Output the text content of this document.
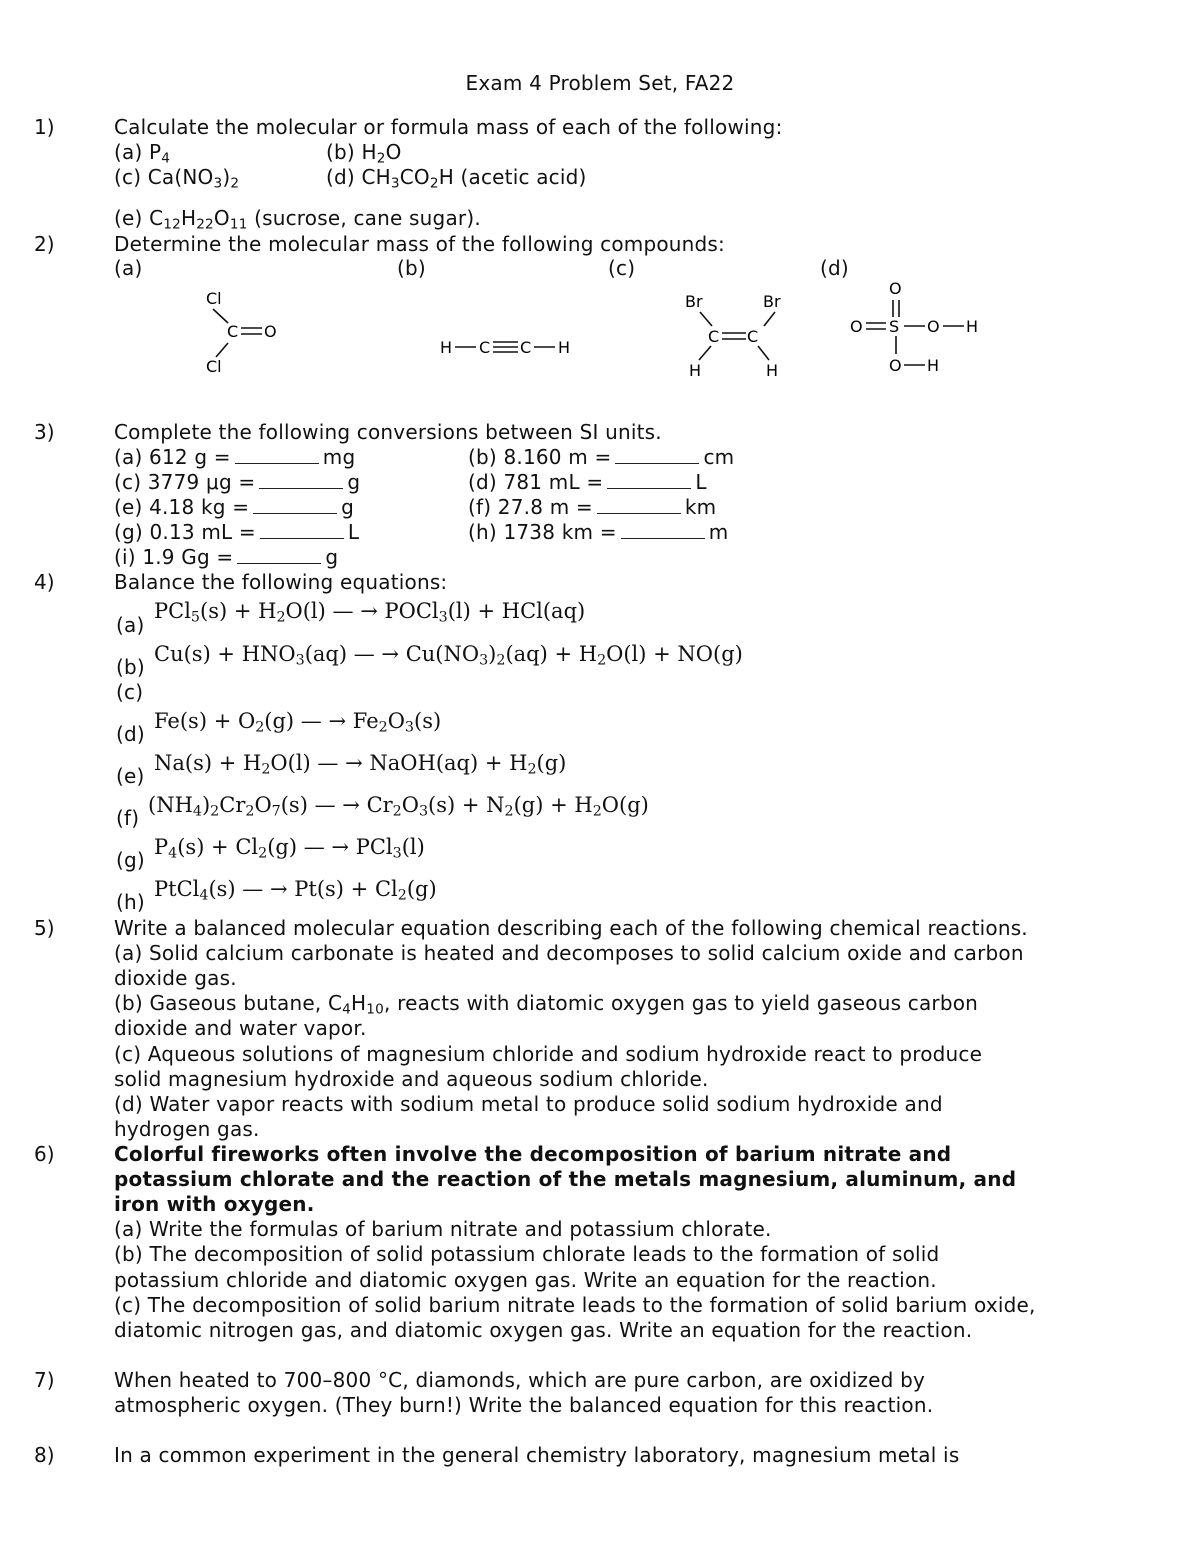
Exam 4 Problem Set, FA22
1)	Calculate the molecular or formula mass of each of the following:
(a) $P_4$	(b) $H_2O$
(c) $Ca(NO_3)_2$	(d) $CH_3CO_2H$ (acetic acid)
(e) $C_{12}H_{22}O_{11}$ (sucrose, cane sugar).
2)	Determine the molecular mass of the following compounds:
(a)	(b)	(c)	(d)
Cl
C O
Cl
H C C H
Br	Br
C C
H	H
O
O S O H
O H
3)	Complete the following conversions between SI units.
(a) 612 g =	mg	(b) 8.160 m =	cm
(c) 3779 μg =	g	(d) 781 mL =	L
(e) 4.18 kg =	g	(f) 27.8 m =	km
(g) 0.13 mL =	L	(h) 1738 km =	m
(i) 1.9 Gg =	g
4)	Balance the following equations:
(a)
$PCl_5(s) + H_2O(l)$ — → POCl$_3$(l) + HCl(aq)
(b)
$Cu(s) + HNO_3(aq)$ — → $Cu(NO_3)_2(aq) + H_2O(l) + NO(g)$
(c)
(d)
$Fe(s) + O_2(g)$ — → $Fe_2O_3(s)$
(e)
$Na(s) + H_2O(l)$ — → NaOH(aq) + $H_2(g)$
(f)
$(NH_4)_2Cr_2O_7(s)$ — → $Cr_2O_3(s) + N_2(g) + H_2O(g)$
(g)
$P_4(s) + Cl_2(g)$ — → PCl$_3$(l)
(h)
PtCl$_4$(s) — → $Pt(s) + Cl_2(g)$
5)	Write a balanced molecular equation describing each of the following chemical reactions.
(a) Solid calcium carbonate is heated and decomposes to solid calcium oxide and carbon
dioxide gas.
(b) Gaseous butane, $C_4H_{10}$, reacts with diatomic oxygen gas to yield gaseous carbon
dioxide and water vapor.
(c) Aqueous solutions of magnesium chloride and sodium hydroxide react to produce
solid magnesium hydroxide and aqueous sodium chloride.
(d) Water vapor reacts with sodium metal to produce solid sodium hydroxide and
hydrogen gas.
6)	Colorful fireworks often involve the decomposition of barium nitrate and
potassium chlorate and the reaction of the metals magnesium, aluminum, and
iron with oxygen.
(a) Write the formulas of barium nitrate and potassium chlorate.
(b) The decomposition of solid potassium chlorate leads to the formation of solid
potassium chloride and diatomic oxygen gas. Write an equation for the reaction.
(c) The decomposition of solid barium nitrate leads to the formation of solid barium oxide,
diatomic nitrogen gas, and diatomic oxygen gas. Write an equation for the reaction.
7)	When heated to 700–800 °C, diamonds, which are pure carbon, are oxidized by
atmospheric oxygen. (They burn!) Write the balanced equation for this reaction.
8)	In a common experiment in the general chemistry laboratory, magnesium metal is
